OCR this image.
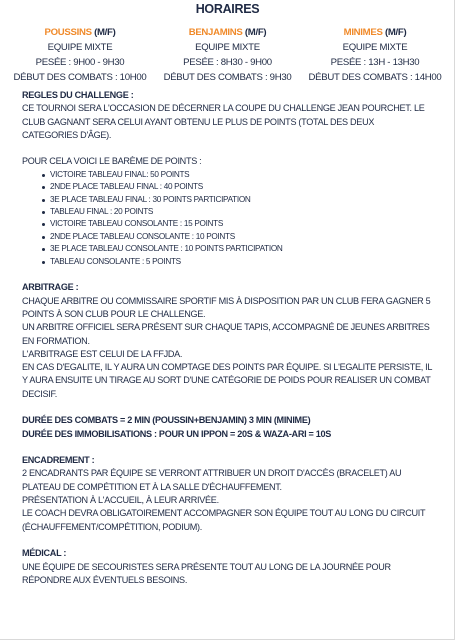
HORAIRES
POUSSINS (M/F)
EQUIPE MIXTE
PESÉE : 9H00 - 9H30
DÉBUT DES COMBATS : 10H00
BENJAMINS (M/F)
EQUIPE MIXTE
PESÉE : 8H30 - 9H00
DÉBUT DES COMBATS : 9H30
MINIMES (M/F)
EQUIPE MIXTE
PESÉE : 13H - 13H30
DÉBUT DES COMBATS : 14H00

REGLES DU CHALLENGE :

CE TOURNOI SERA L'OCCASION DE DÉCERNER LA COUPE DU CHALLENGE JEAN POURCHET. LE CLUB GAGNANT SERA CELUI AYANT OBTENU LE PLUS DE POINTS (TOTAL DES DEUX CATEGORIES D'ÂGE).

POUR CELA VOICI LE BARÈME DE POINTS :

VICTOIRE TABLEAU FINAL: 50 POINTS
2NDE PLACE TABLEAU FINAL : 40 POINTS
3E PLACE TABLEAU FINAL : 30 POINTS PARTICIPATION
TABLEAU FINAL : 20 POINTS
VICTOIRE TABLEAU CONSOLANTE : 15 POINTS
2NDE PLACE TABLEAU CONSOLANTE : 10 POINTS
3E PLACE TABLEAU CONSOLANTE : 10 POINTS PARTICIPATION
TABLEAU CONSOLANTE : 5 POINTS

ARBITRAGE :

CHAQUE ARBITRE OU COMMISSAIRE SPORTIF MIS À DISPOSITION PAR UN CLUB FERA GAGNER 5 POINTS À SON CLUB POUR LE CHALLENGE.

UN ARBITRE OFFICIEL SERA PRÉSENT SUR CHAQUE TAPIS, ACCOMPAGNÉ DE JEUNES ARBITRES EN FORMATION.

L'ARBITRAGE EST CELUI DE LA FFJDA.

EN CAS D'EGALITE, IL Y AURA UN COMPTAGE DES POINTS PAR ÉQUIPE. SI L'EGALITE PERSISTE, IL Y AURA ENSUITE UN TIRAGE AU SORT D'UNE CATÉGORIE DE POIDS POUR REALISER UN COMBAT DECISIF.

DURÉE DES COMBATS = 2 MIN (POUSSIN+BENJAMIN) 3 MIN (MINIME)

DURÉE DES IMMOBILISATIONS : POUR UN IPPON = 20S & WAZA-ARI = 10S

ENCADREMENT :

2 ENCADRANTS PAR ÉQUIPE SE VERRONT ATTRIBUER UN DROIT D'ACCÈS (BRACELET) AU PLATEAU DE COMPÉTITION ET À LA SALLE D'ÉCHAUFFEMENT.

PRÉSENTATION À L'ACCUEIL, À LEUR ARRIVÉE.

LE COACH DEVRA OBLIGATOIREMENT ACCOMPAGNER SON ÉQUIPE TOUT AU LONG DU CIRCUIT (ÉCHAUFFEMENT/COMPÉTITION, PODIUM).

MÉDICAL :

UNE ÉQUIPE DE SECOURISTES SERA PRÉSENTE TOUT AU LONG DE LA JOURNÉE POUR RÉPONDRE AUX ÉVENTUELS BESOINS.
